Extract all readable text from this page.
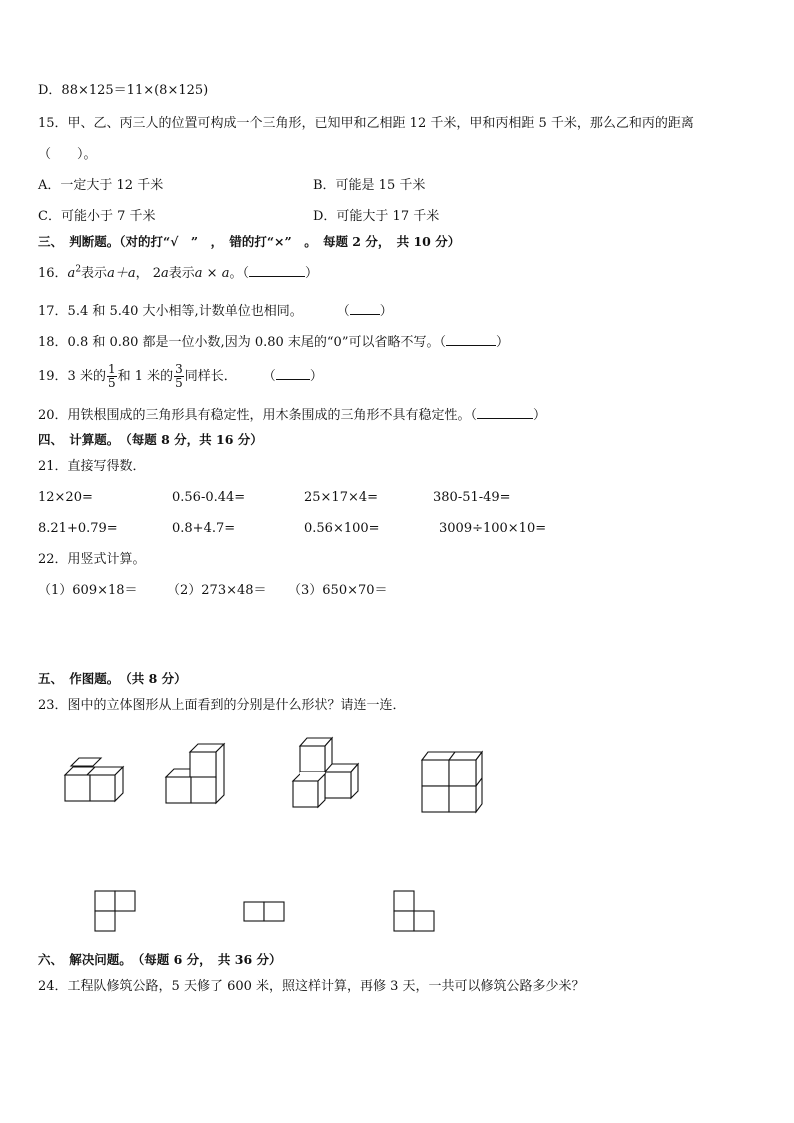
D．88×125＝11×(8×125)
15．甲、乙、丙三人的位置可构成一个三角形，已知甲和乙相距 12 千米，甲和丙相距 5 千米，那么乙和丙的距离
（　　）。
A．一定大于 12 千米	B．可能是 15 千米
C．可能小于 7 千米	D．可能大于 17 千米
三、　判断题。（对的打“√　”　，　错的打“×”　。　每题 2 分，　共 10 分）
16．$a^2$表示a＋a， 2a表示a × a。（	）
17．5.4 和 5.40 大小相等,计数单位也相同。	（ ）
18．0.8 和 0.80 都是一位小数,因为 0.80 末尾的“0”可以省略不写。（	）
19．3 米的 $\frac{1}{5}$ 和 1 米的 $\frac{3}{5}$ 同样长． （	）
20．用铁根围成的三角形具有稳定性，用木条围成的三角形不具有稳定性。（	）
四、　计算题。　（每题 8 分，共 16 分）
21．直接写得数．
12×20=	0.56-0.44=	25×17×4=	380-51-49=
8.21+0.79=	0.8+4.7=	0.56×100=	3009÷100×10=
22．用竖式计算。
（1）609×18＝ （2）273×48＝ （3）650×70＝
五、　作图题。　（共 8 分）
23．图中的立体图形从上面看到的分别是什么形状？请连一连．
六、　解决问题。　（每题 6 分，　共 36 分）
24．工程队修筑公路，5 天修了 600 米，照这样计算，再修 3 天，一共可以修筑公路多少米？
